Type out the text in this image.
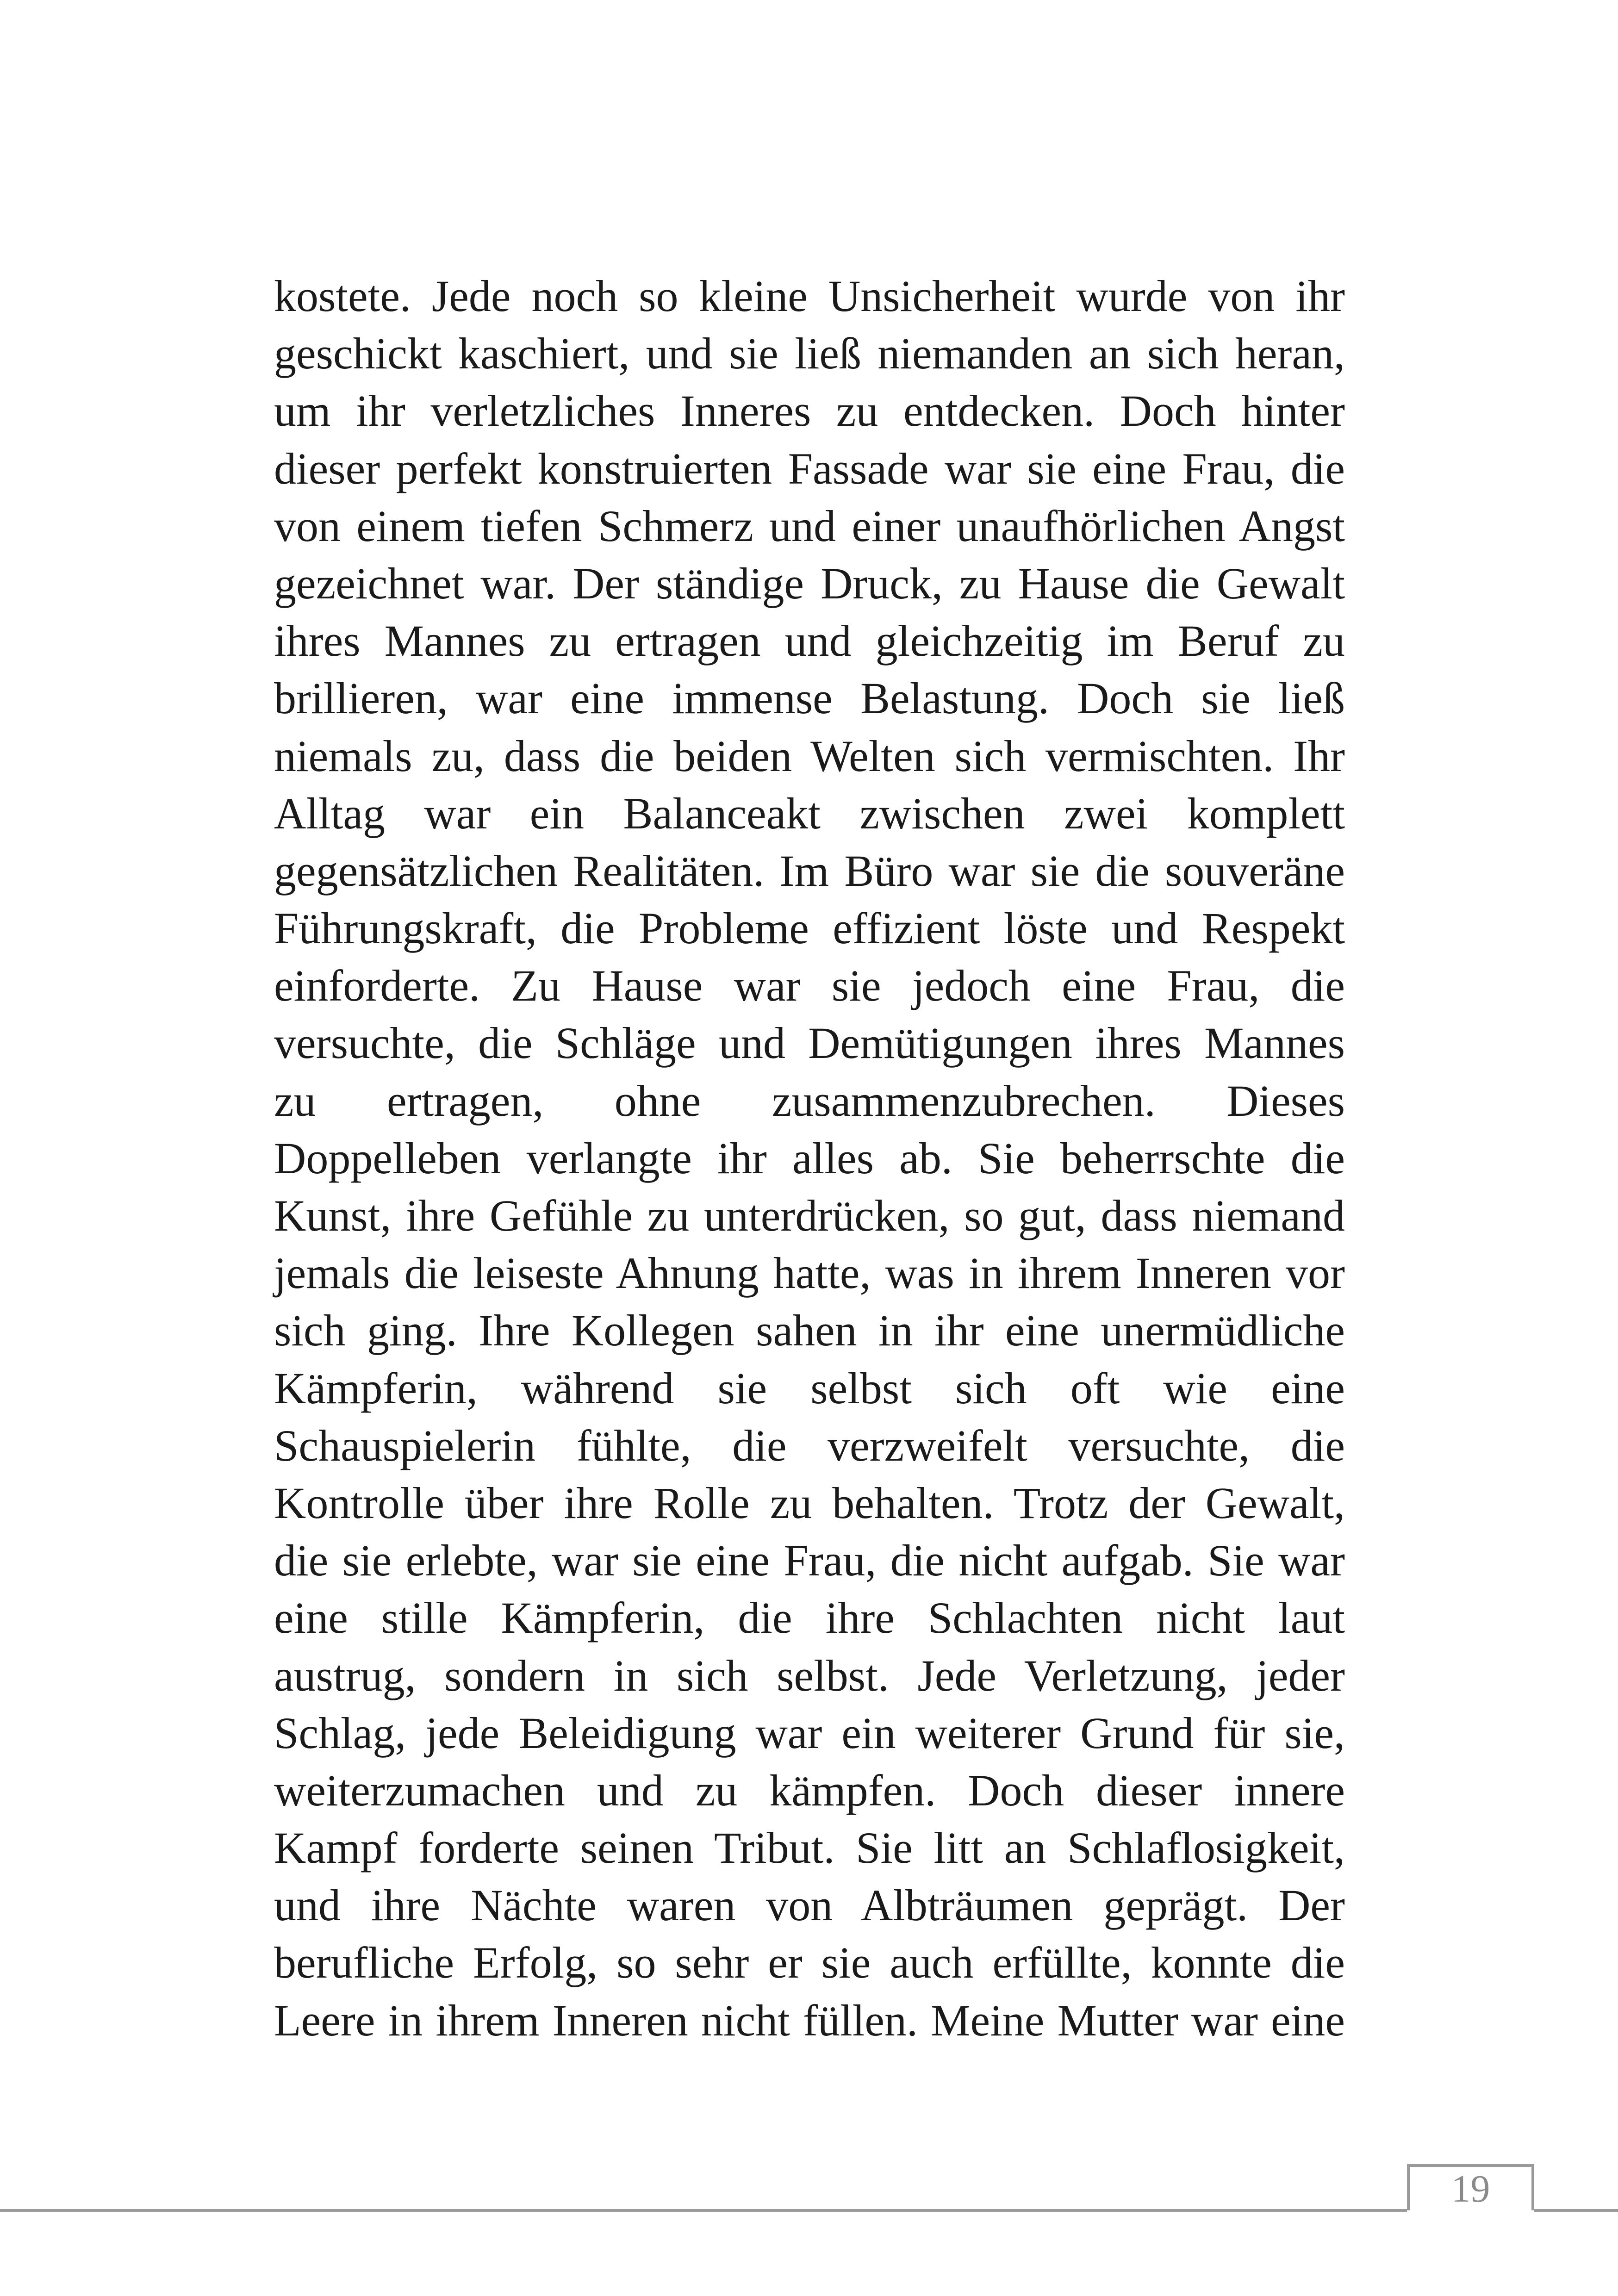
kostete. Jede noch so kleine Unsicherheit wurde von ihr
geschickt kaschiert, und sie ließ niemanden an sich heran,
um ihr verletzliches Inneres zu entdecken. Doch hinter
dieser perfekt konstruierten Fassade war sie eine Frau, die
von einem tiefen Schmerz und einer unaufhörlichen Angst
gezeichnet war. Der ständige Druck, zu Hause die Gewalt
ihres Mannes zu ertragen und gleichzeitig im Beruf zu
brillieren, war eine immense Belastung. Doch sie ließ
niemals zu, dass die beiden Welten sich vermischten. Ihr
Alltag war ein Balanceakt zwischen zwei komplett
gegensätzlichen Realitäten. Im Büro war sie die souveräne
Führungskraft, die Probleme effizient löste und Respekt
einforderte. Zu Hause war sie jedoch eine Frau, die
versuchte, die Schläge und Demütigungen ihres Mannes
zu ertragen, ohne zusammenzubrechen. Dieses
Doppelleben verlangte ihr alles ab. Sie beherrschte die
Kunst, ihre Gefühle zu unterdrücken, so gut, dass niemand
jemals die leiseste Ahnung hatte, was in ihrem Inneren vor
sich ging. Ihre Kollegen sahen in ihr eine unermüdliche
Kämpferin, während sie selbst sich oft wie eine
Schauspielerin fühlte, die verzweifelt versuchte, die
Kontrolle über ihre Rolle zu behalten. Trotz der Gewalt,
die sie erlebte, war sie eine Frau, die nicht aufgab. Sie war
eine stille Kämpferin, die ihre Schlachten nicht laut
austrug, sondern in sich selbst. Jede Verletzung, jeder
Schlag, jede Beleidigung war ein weiterer Grund für sie,
weiterzumachen und zu kämpfen. Doch dieser innere
Kampf forderte seinen Tribut. Sie litt an Schlaflosigkeit,
und ihre Nächte waren von Albträumen geprägt. Der
berufliche Erfolg, so sehr er sie auch erfüllte, konnte die
Leere in ihrem Inneren nicht füllen. Meine Mutter war eine
19
